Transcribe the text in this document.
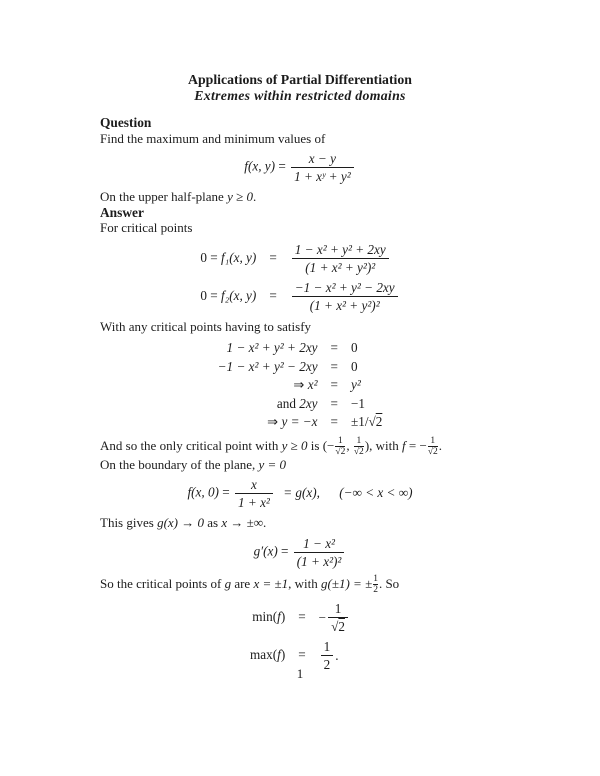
Applications of Partial Differentiation
Extremes within restricted domains
Question
Find the maximum and minimum values of
f(x, $y) = \frac{x - y}{\text{1 + xʸ + y²}}$
On the upper half-plane y ≥ 0.
Answer
For critical points
0 = f₁(x, $y) = \frac{\text{1 − x² + y² + 2xy}}{\text{(1 + x² + y²)²}}$
0 = f₂(x, $y) = \frac{\text{−1 − x² + y² − 2xy}}{\text{(1 + x² + y²)²}}$
With any critical points having to satisfy
1 − x² + y² + 2xy = 0
−1 − x² + y² − 2xy = 0
⇒ x² = y²
and 2xy = −1
⇒ y = −x = ±1/√2
And so the only critical point with y ≥ 0 is (− $\frac{1}{√2}$ , $\frac{1}{√2}$ ), with f = − $\frac{1}{√2}$ .
On the boundary of the plane, y = 0
f(x, $0) = \frac{x}{\text{1 + x²}} = g(x)$, (−∞ < x < ∞)
This gives g(x) → 0 as x → ±∞.
$g'(x) = \frac{\text{1 − x²}}{\text{(1 + x²)²}}$
So the critical points of g are x = ±1, with g(±1) = ± $\frac{1}{2}$ . So
min(f) = − $\frac{1}{√2}$
$\max(f) = \frac{1}{2}$ .
1
